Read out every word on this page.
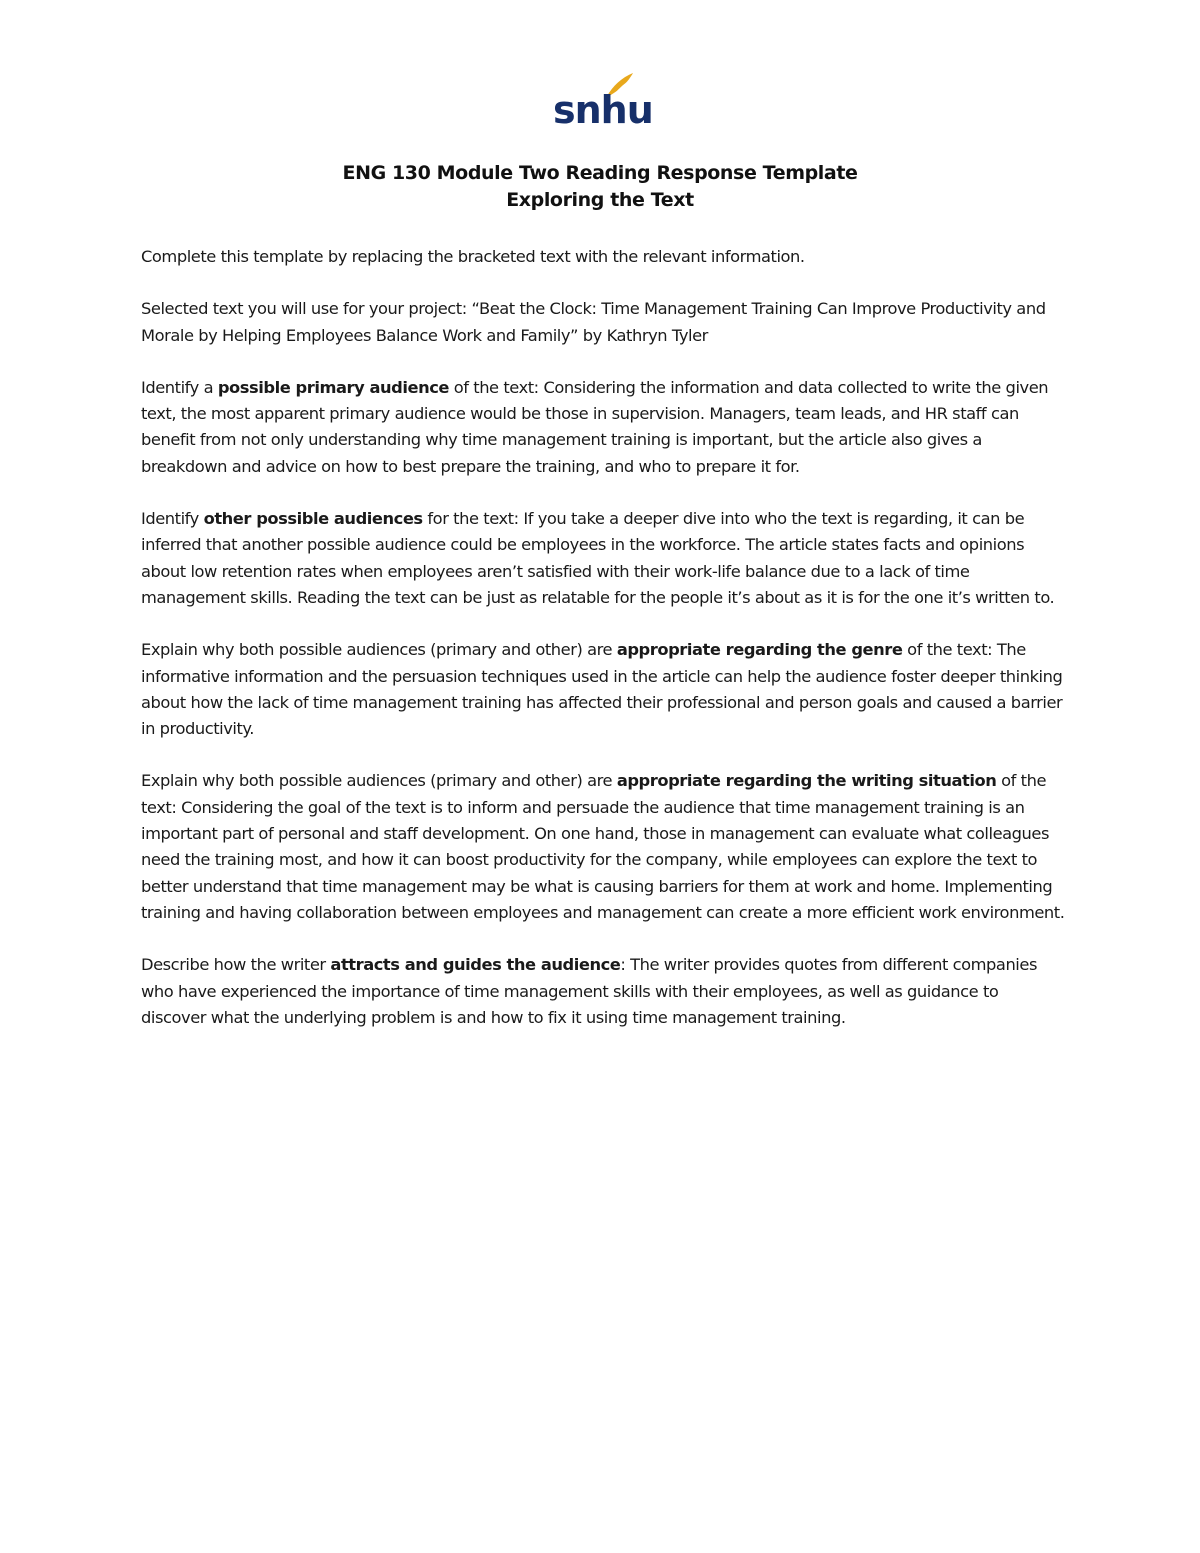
snhu
ENG 130 Module Two Reading Response Template
Exploring the Text

Complete this template by replacing the bracketed text with the relevant information.

Selected text you will use for your project: “Beat the Clock: Time Management Training Can Improve Productivity and Morale by Helping Employees Balance Work and Family” by Kathryn Tyler

Identify a possible primary audience of the text: Considering the information and data collected to write the given text, the most apparent primary audience would be those in supervision. Managers, team leads, and HR staff can benefit from not only understanding why time management training is important, but the article also gives a breakdown and advice on how to best prepare the training, and who to prepare it for.

Identify other possible audiences for the text: If you take a deeper dive into who the text is regarding, it can be inferred that another possible audience could be employees in the workforce. The article states facts and opinions about low retention rates when employees aren’t satisfied with their work-life balance due to a lack of time management skills. Reading the text can be just as relatable for the people it’s about as it is for the one it’s written to.

Explain why both possible audiences (primary and other) are appropriate regarding the genre of the text: The informative information and the persuasion techniques used in the article can help the audience foster deeper thinking about how the lack of time management training has affected their professional and person goals and caused a barrier in productivity.

Explain why both possible audiences (primary and other) are appropriate regarding the writing situation of the text: Considering the goal of the text is to inform and persuade the audience that time management training is an important part of personal and staff development. On one hand, those in management can evaluate what colleagues need the training most, and how it can boost productivity for the company, while employees can explore the text to better understand that time management may be what is causing barriers for them at work and home. Implementing training and having collaboration between employees and management can create a more efficient work environment.

Describe how the writer attracts and guides the audience: The writer provides quotes from different companies who have experienced the importance of time management skills with their employees, as well as guidance to discover what the underlying problem is and how to fix it using time management training.
